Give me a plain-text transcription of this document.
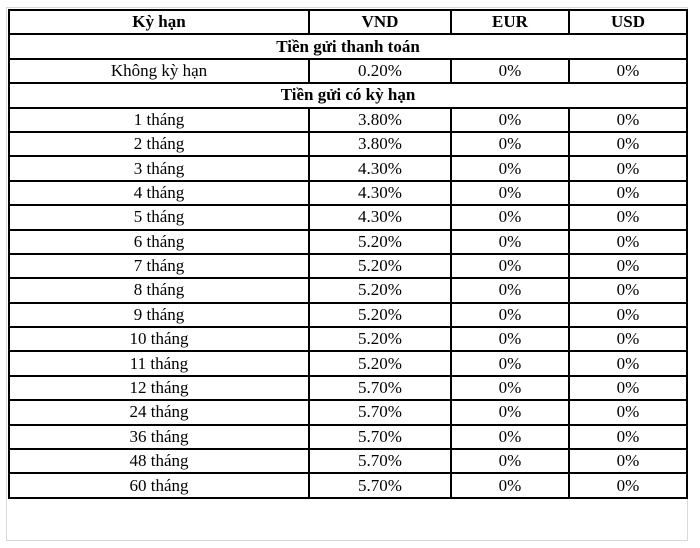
Kỳ hạn	VND	EUR	USD
Tiền gửi thanh toán			
Không kỳ hạn	0.20%	0%	0%
Tiền gửi có kỳ hạn			
1 tháng	3.80%	0%	0%
2 tháng	3.80%	0%	0%
3 tháng	4.30%	0%	0%
4 tháng	4.30%	0%	0%
5 tháng	4.30%	0%	0%
6 tháng	5.20%	0%	0%
7 tháng	5.20%	0%	0%
8 tháng	5.20%	0%	0%
9 tháng	5.20%	0%	0%
10 tháng	5.20%	0%	0%
11 tháng	5.20%	0%	0%
12 tháng	5.70%	0%	0%
24 tháng	5.70%	0%	0%
36 tháng	5.70%	0%	0%
48 tháng	5.70%	0%	0%
60 tháng	5.70%	0%	0%
